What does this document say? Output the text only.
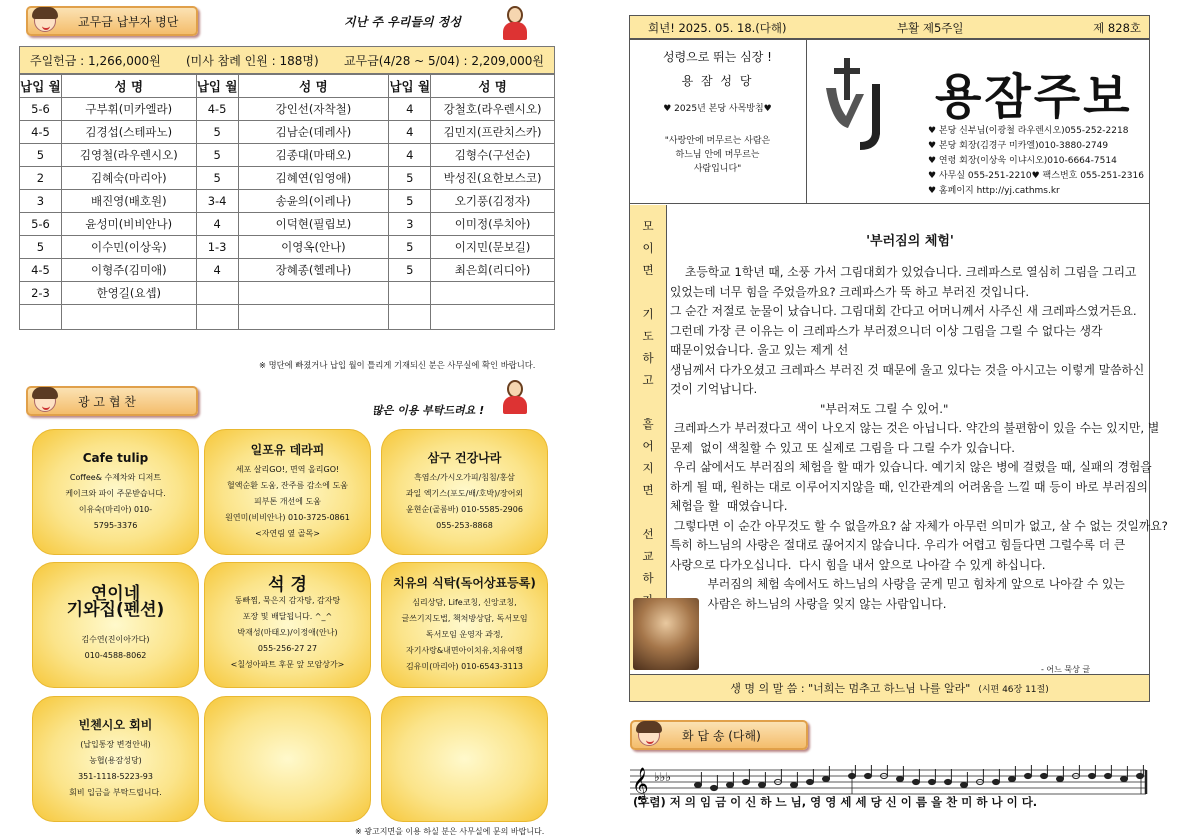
교무금 납부자 명단	지난 주 우리들의 정성
주일헌금 : 1,266,000원 (미사 참례 인원 : 188명) 교무금(4/28 ~ 5/04) : 2,209,000원
납입 월	성 명	납입 월	성 명	납입 월	성 명
5-6	구부휘(미카엘라)	4-5	강인선(자착철)	4	강철호(라우렌시오)
4-5	김경섭(스테파노)	5	김남순(데레사)	4	김민지(프란치스카)
5	김영철(라우렌시오)	5	김종대(마태오)	4	김형수(구선순)
2	김혜숙(마리아)	5	김혜연(임영애)	5	박성진(요한보스코)
3	배진영(배호원)	3-4	송윤의(이레나)	5	오기풍(김정자)
5-6	윤성미(비비안나)	4	이덕현(필립보)	3	이미정(루치아)
5	이수민(이상욱)	1-3	이영옥(안나)	5	이지민(문보길)
4-5	이형주(김미애)	4	장혜종(헬레나)	5	최은희(리디아)
2-3	한영길(요셉)				

※ 명단에 빠졌거나 납입 월이 틀리게 기재되신 분은 사무실에 확인 바랍니다.
광 고 협 찬
많은 이용 부탁드려요 !
Cafe tulip
Coffee& 수제차와 디저트
케이크와 파이 주문받습니다.
이유숙(마리아) 010-
5795-3376
일포유 데라피
세포 살리GO!, 면역 올리GO!
혈액순환 도움, 잔주름 감소에 도움
피부톤 개선에 도움
원연미(비비안나) 010-3725-0861
<자연림 옆 골목>
삼구 건강나라
흑염소/가시오가피/침침/홍삼
과일 엑기스(포도/배/호박)/장어외
윤현순(골롬바) 010-5585-2906
055-253-8868
연이네
기와집(펜션)
김수연(진이아가다)
010-4588-8062
석 경
동빠찜, 묵은지 감자탕, 감자탕
포장 및 배달됩니다. ^_^
박재성(마태오)/이정애(안나)
055-256-27 27
<칠성아파트 후문 앞 모암상가>
치유의 식탁(독어상표등록)
심리상담, Life코칭, 신앙코칭,
글쓰기지도법, 책처방상담, 독서모임
독서모임 운영자 과정,
자기사랑&내면아이치유,치유여행
김유미(마리아) 010-6543-3113
빈첸시오 회비
(납입통장 변경안내)
농협(용잠성당)
351-1118-5223-93
회비 입금을 부탁드립니다.
※ 광고지면을 이용 하실 분은 사무실에 문의 바랍니다.
희년! 2025. 05. 18.(다해)	부활 제5주일	제 828호
성령으로 뛰는 심장 !
용 잠 성 당
♥ 2025년 본당 사목방침♥
"사랑안에 머무르는 사람은
하느님 안에 머무르는
사람입니다"
용잠주보
♥ 본당 신부님(이광철 라우렌시오)055-252-2218
♥ 본당 회장(김경구 미카엘)010-3880-2749
♥ 연령 회장(이상욱 이냐시오)010-6664-7514
♥ 사무실 055-251-2210♥ 팩스번호 055-251-2316
♥ 홈페이지 http://yj.cathms.kr
모
이
면
기
도
하
고
흩
어
지
면
선
교
하
'부러짐의 체험'

초등학교 1학년 때, 소풍 가서 그림대회가 있었습니다. 크레파스로 열심히 그림을 그리고

있었는데 너무 힘을 주었을까요? 크레파스가 뚝 하고 부러진 것입니다.

그 순간 저절로 눈물이 났습니다. 그림대회 간다고 어머니께서 사주신 새 크레파스였거든요.

그런데 가장 큰 이유는 이 크레파스가 부러졌으니더 이상 그림을 그릴 수 없다는 생각

때문이었습니다. 울고 있는 제게 선

생님께서 다가오셨고 크레파스 부러진 것 때문에 울고 있다는 것을 아시고는 이렇게 말씀하신

것이 기억납니다.

"부러져도 그릴 수 있어."

크레파스가 부러졌다고 색이 나오지 않는 것은 아닙니다. 약간의 불편함이 있을 수는 있지만, 별

문제  없이 색칠할 수 있고 또 실제로 그림을 다 그릴 수가 있습니다.

우리 삶에서도 부러짐의 체험을 할 때가 있습니다. 예기치 않은 병에 걸렸을 때, 실패의 경험을

하게 될 때, 원하는 대로 이루어지지않을 때, 인간관계의 어려움을 느낄 때 등이 바로 부러짐의

체험을 할  때였습니다.

그렇다면 이 순간 아무것도 할 수 없을까요? 삶 자체가 아무런 의미가 없고, 살 수 없는 것일까요?

특히 하느님의 사랑은 절대로 끊어지지 않습니다. 우리가 어렵고 힘들다면 그럴수록 더 큰

사랑으로 다가오십니다.  다시 힘을 내서 앞으로 나아갈 수 있게 하십니다.

부러짐의 체험 속에서도 하느님의 사랑을 굳게 믿고 힘차게 앞으로 나아갈 수 있는

사람은 하느님의 사랑을 잊지 않는 사람입니다.

- 어느 묵상 글
생 명 의 말 씀 : "너희는 멈추고 하느님 나를 알라" (시편 46장 11절)
화 답 송 (다해)
𝄞 ♭♭♭
(후렴) 저 의 임 금 이 신 하 느 님, 영 영 세 세 당 신 이 름 을 찬 미 하 나 이 다.
